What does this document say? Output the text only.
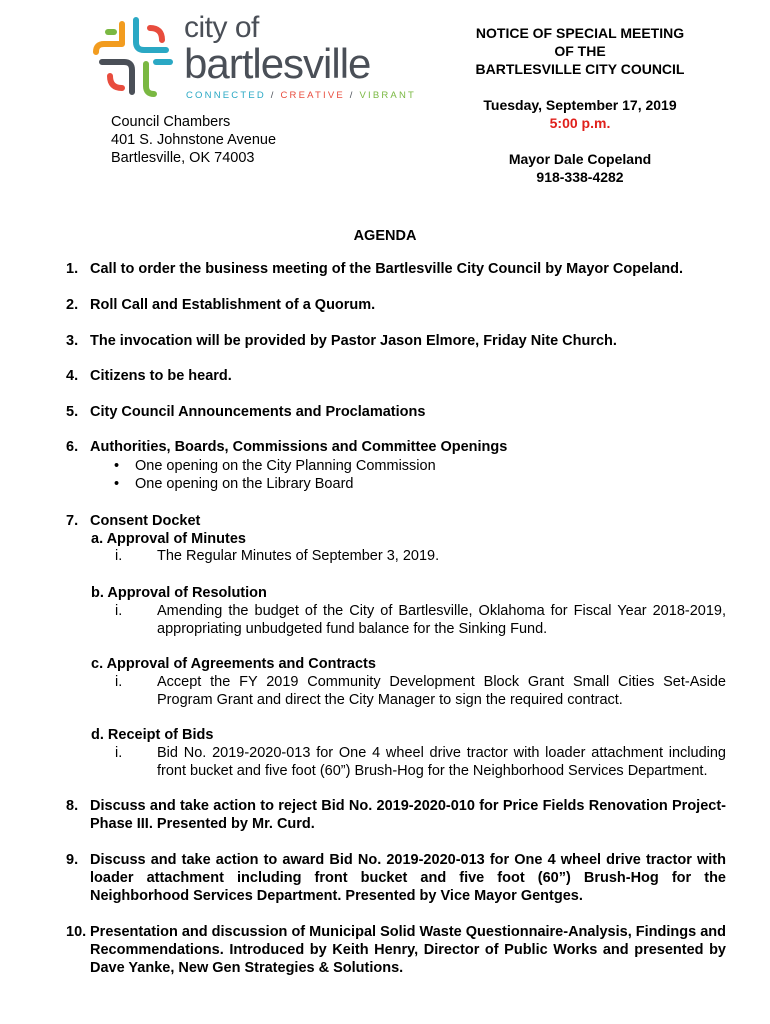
city of
bartlesville
CONNECTED / CREATIVE / VIBRANT
Council Chambers
401 S. Johnstone Avenue
Bartlesville, OK 74003
NOTICE OF SPECIAL MEETING
OF THE
BARTLESVILLE CITY COUNCIL
Tuesday, September 17, 2019
5:00 p.m.
Mayor Dale Copeland
918-338-4282
AGENDA
1. Call to order the business meeting of the Bartlesville City Council by Mayor Copeland.
2. Roll Call and Establishment of a Quorum.
3. The invocation will be provided by Pastor Jason Elmore, Friday Nite Church.
4. Citizens to be heard.
5. City Council Announcements and Proclamations
6. Authorities, Boards, Commissions and Committee Openings
• One opening on the City Planning Commission
• One opening on the Library Board
7. Consent Docket
a. Approval of Minutes
i.	The Regular Minutes of September 3, 2019.
b. Approval of Resolution
i.	Amending the budget of the City of Bartlesville, Oklahoma for Fiscal Year 2018-2019, appropriating unbudgeted fund balance for the Sinking Fund.
c. Approval of Agreements and Contracts
i.	Accept the FY 2019 Community Development Block Grant Small Cities Set-Aside Program Grant and direct the City Manager to sign the required contract.
d. Receipt of Bids
i.	Bid No. 2019-2020-013 for One 4 wheel drive tractor with loader attachment including front bucket and five foot (60”) Brush-Hog for the Neighborhood Services Department.
8. Discuss and take action to reject Bid No. 2019-2020-010 for Price Fields Renovation Project-Phase III. Presented by Mr. Curd.
9. Discuss and take action to award Bid No. 2019-2020-013 for One 4 wheel drive tractor with loader attachment including front bucket and five foot (60”) Brush-Hog for the Neighborhood Services Department. Presented by Vice Mayor Gentges.
10. Presentation and discussion of Municipal Solid Waste Questionnaire-Analysis, Findings and Recommendations. Introduced by Keith Henry, Director of Public Works and presented by Dave Yanke, New Gen Strategies & Solutions.
